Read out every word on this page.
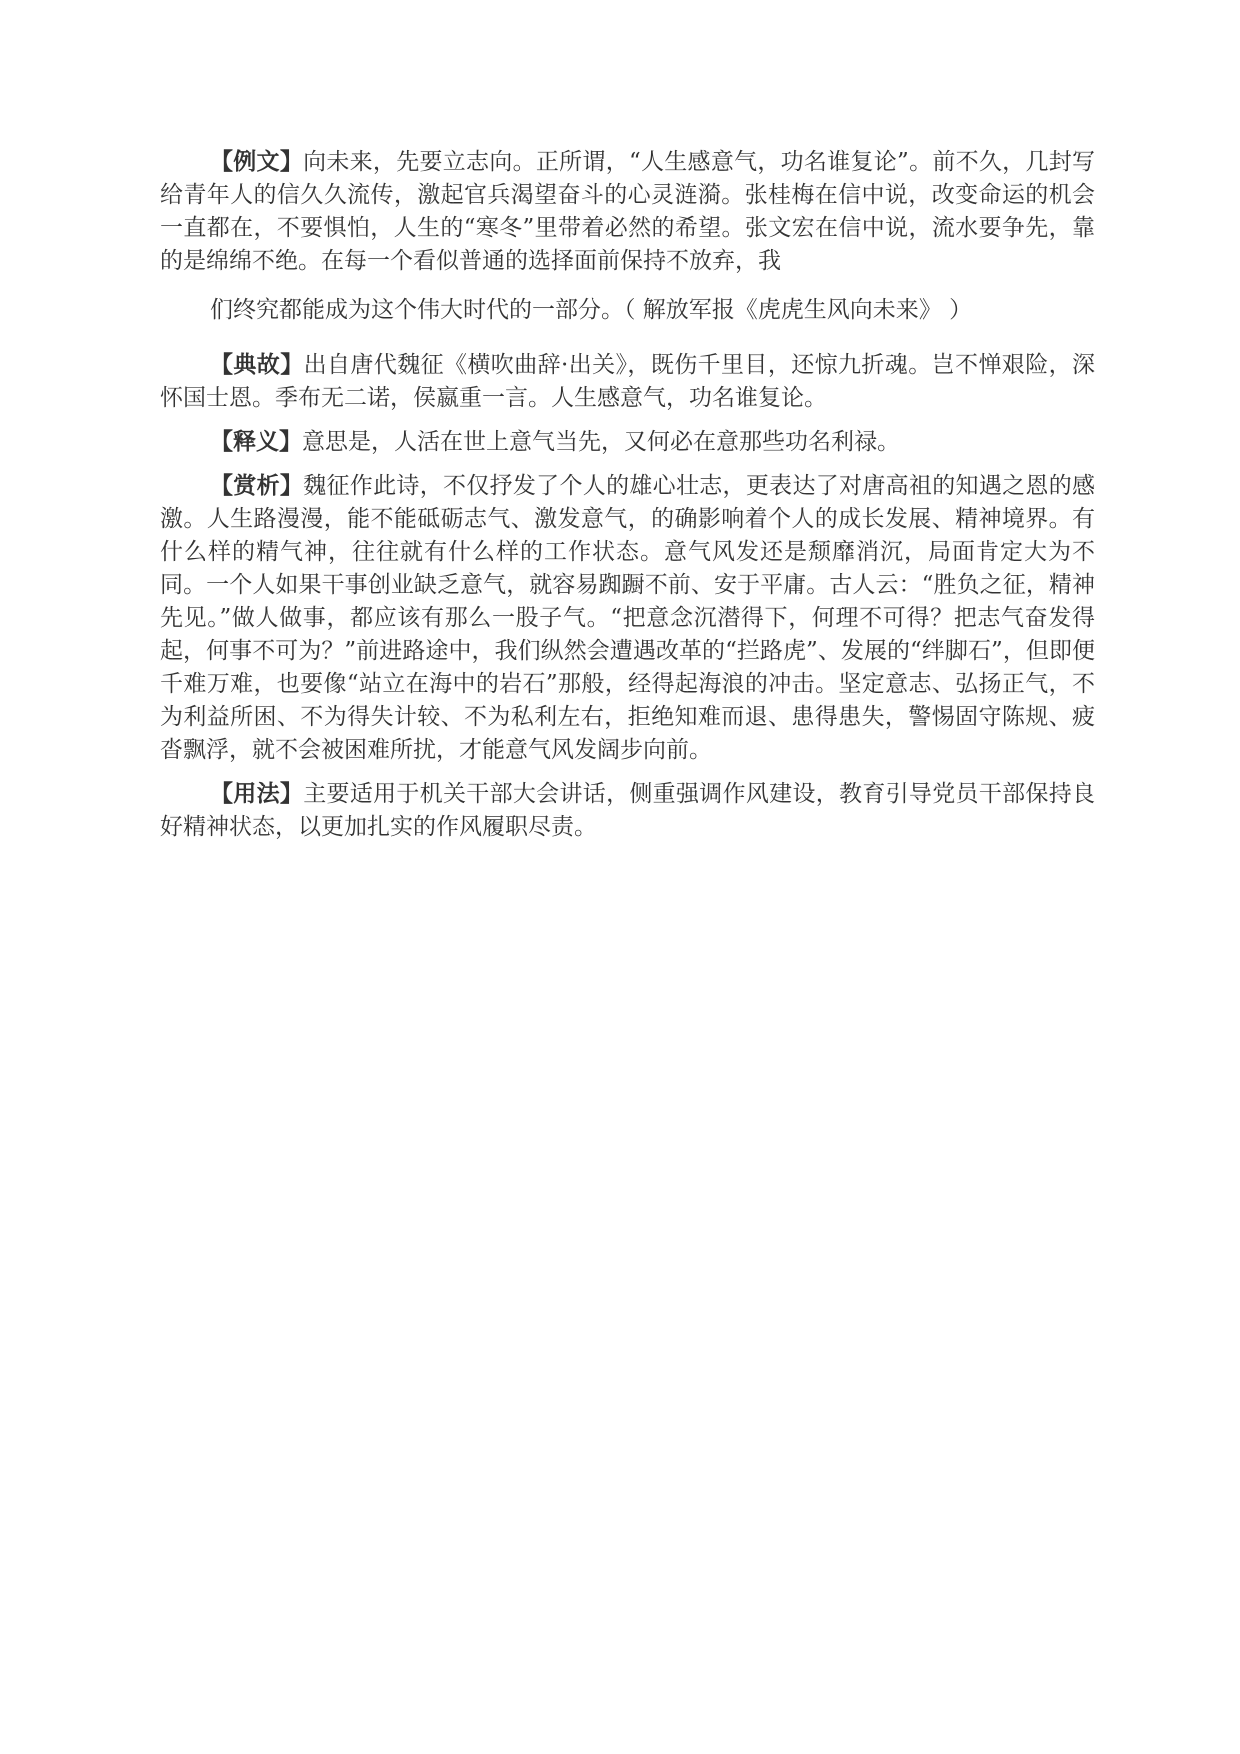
【例文】向未来，先要立志向。正所谓，“人生感意气，功名谁复论”。前不久，几封写给青年人的信久久流传，激起官兵渴望奋斗的心灵涟漪。张桂梅在信中说，改变命运的机会一直都在，不要惧怕，人生的“寒冬”里带着必然的希望。张文宏在信中说，流水要争先，靠的是绵绵不绝。在每一个看似普通的选择面前保持不放弃，我
们终究都能成为这个伟大时代的一部分。（ 解放军报《虎虎生风向未来》 ）

【典故】出自唐代魏征《横吹曲辞·出关》，既伤千里目，还惊九折魂。岂不惮艰险，深怀国士恩。季布无二诺，侯嬴重一言。人生感意气，功名谁复论。

【释义】意思是，人活在世上意气当先，又何必在意那些功名利禄。

【赏析】魏征作此诗，不仅抒发了个人的雄心壮志，更表达了对唐高祖的知遇之恩的感激。人生路漫漫，能不能砥砺志气、激发意气，的确影响着个人的成长发展、精神境界。有什么样的精气神，往往就有什么样的工作状态。意气风发还是颓靡消沉，局面肯定大为不同。一个人如果干事创业缺乏意气，就容易踟蹰不前、安于平庸。古人云：“胜负之征，精神先见。”做人做事，都应该有那么一股子气。“把意念沉潜得下，何理不可得？把志气奋发得起，何事不可为？”前进路途中，我们纵然会遭遇改革的“拦路虎”、发展的“绊脚石”，但即便千难万难，也要像“站立在海中的岩石”那般，经得起海浪的冲击。坚定意志、弘扬正气，不为利益所困、不为得失计较、不为私利左右，拒绝知难而退、患得患失，警惕固守陈规、疲沓飘浮，就不会被困难所扰，才能意气风发阔步向前。

【用法】主要适用于机关干部大会讲话，侧重强调作风建设，教育引导党员干部保持良好精神状态，以更加扎实的作风履职尽责。
